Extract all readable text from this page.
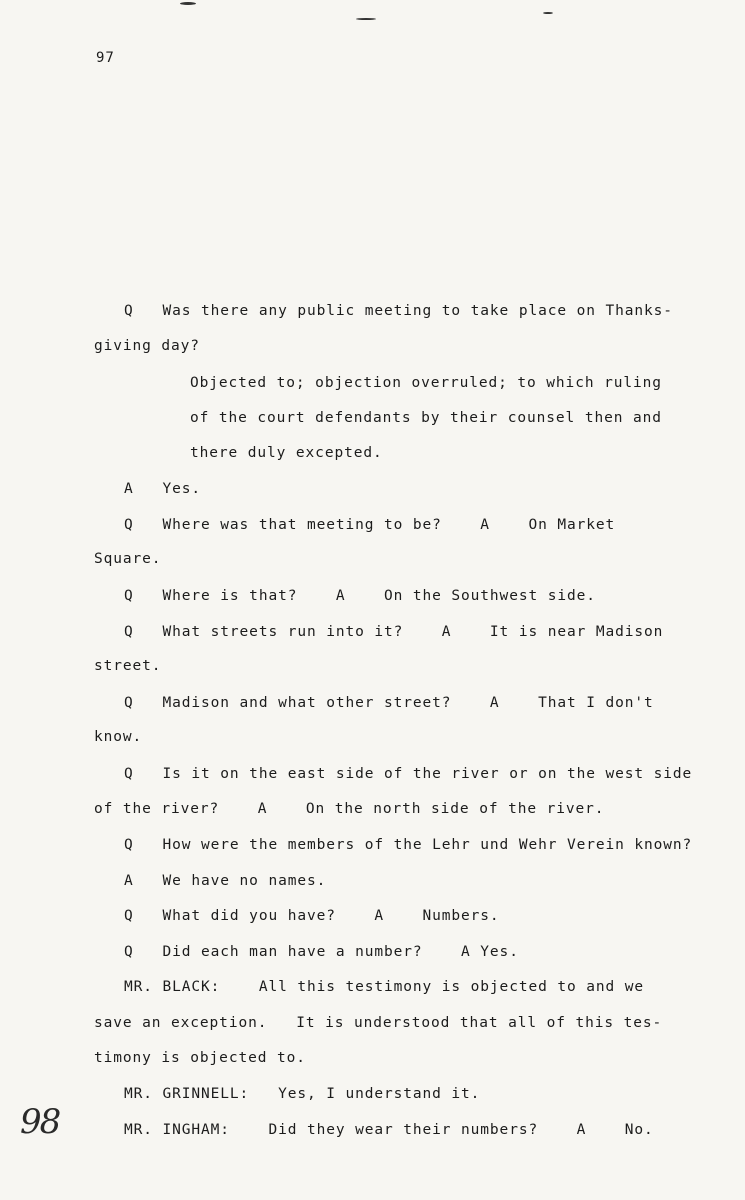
97
Q   Was there any public meeting to take place on Thanks-
giving day?
Objected to; objection overruled; to which ruling
of the court defendants by their counsel then and
there duly excepted.
A   Yes.
Q   Where was that meeting to be?    A    On Market
Square.
Q   Where is that?    A    On the Southwest side.
Q   What streets run into it?    A    It is near Madison
street.
Q   Madison and what other street?    A    That I don't
know.
Q   Is it on the east side of the river or on the west side
of the river?    A    On the north side of the river.
Q   How were the members of the Lehr und Wehr Verein known?
A   We have no names.
Q   What did you have?    A    Numbers.
Q   Did each man have a number?    A Yes.
MR. BLACK:    All this testimony is objected to and we
save an exception.   It is understood that all of this tes-
timony is objected to.
MR. GRINNELL:   Yes, I understand it.
MR. INGHAM:    Did they wear their numbers?    A    No.
98
